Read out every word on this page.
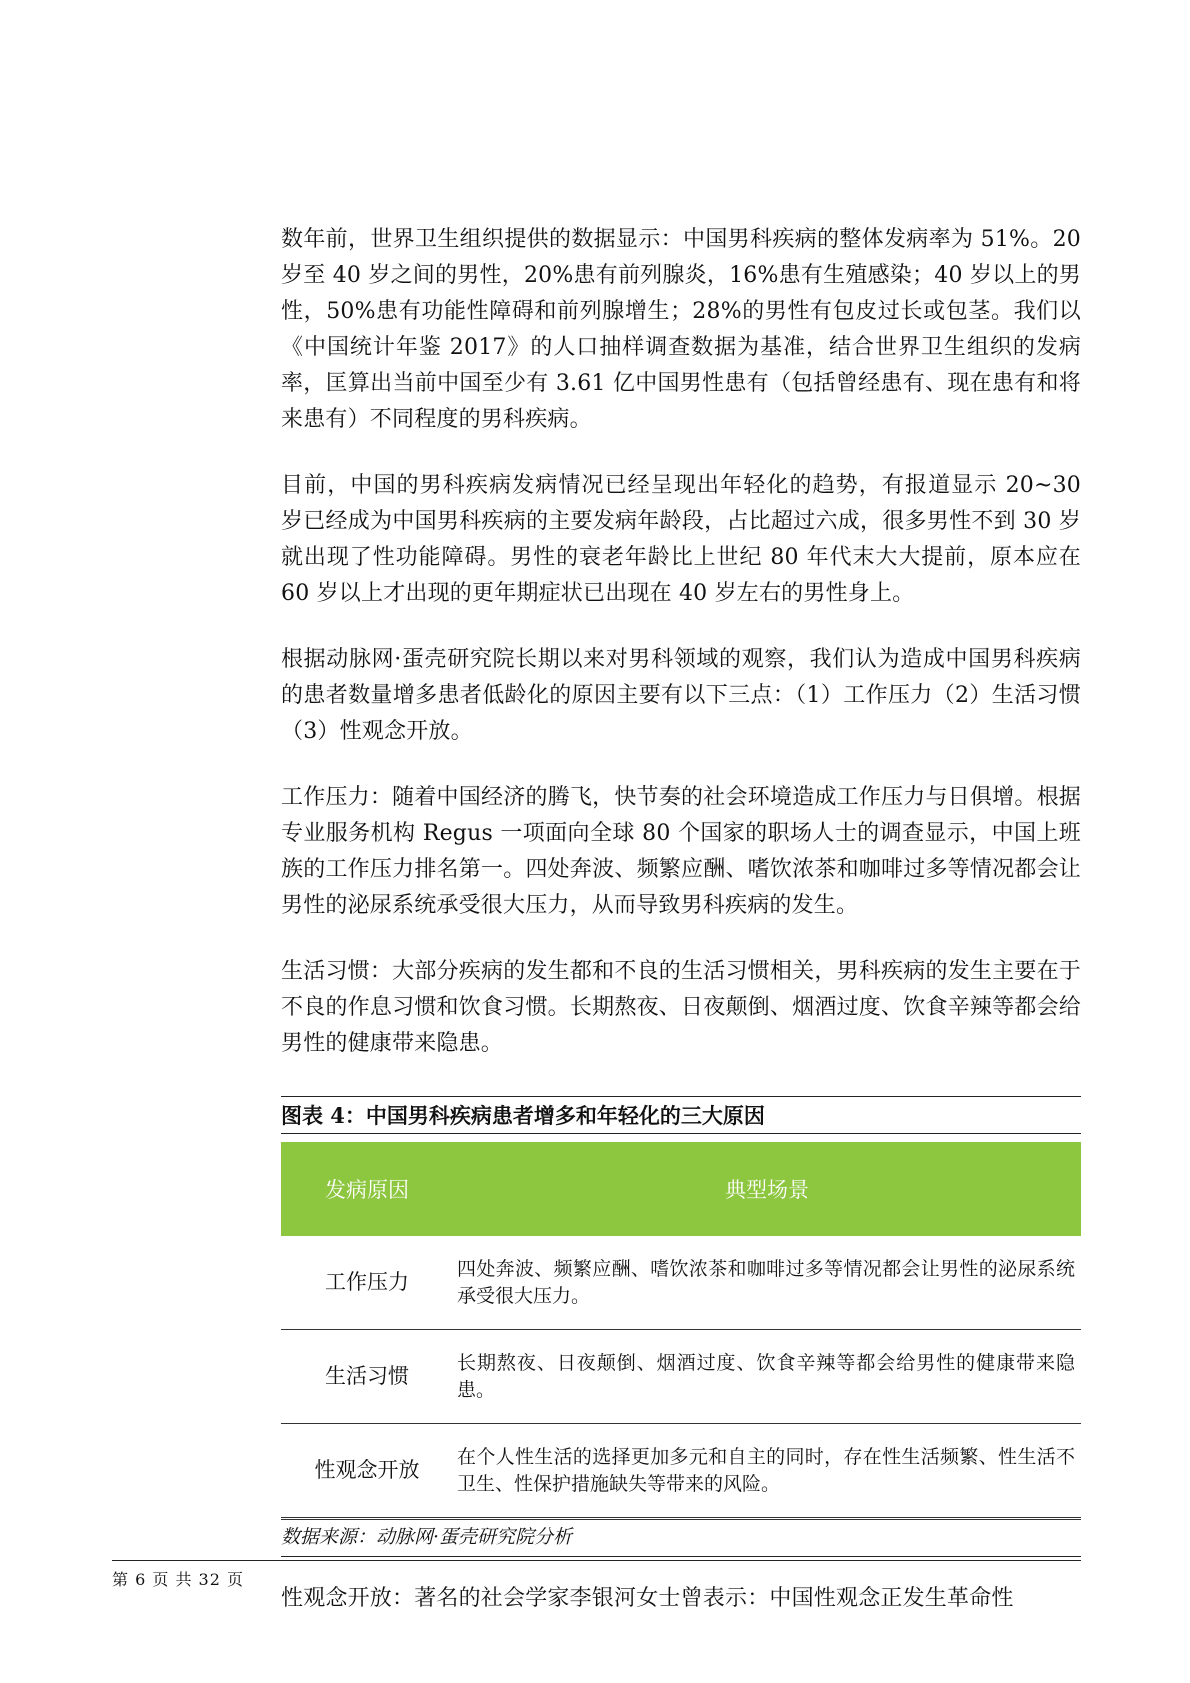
数年前，世界卫生组织提供的数据显示：中国男科疾病的整体发病率为 51%。20 岁至 40 岁之间的男性，20%患有前列腺炎，16%患有生殖感染；40 岁以上的男性，50%患有功能性障碍和前列腺增生；28%的男性有包皮过长或包茎。我们以《中国统计年鉴 2017》的人口抽样调查数据为基准，结合世界卫生组织的发病率，匡算出当前中国至少有 3.61 亿中国男性患有（包括曾经患有、现在患有和将来患有）不同程度的男科疾病。

目前，中国的男科疾病发病情况已经呈现出年轻化的趋势，有报道显示 20~30 岁已经成为中国男科疾病的主要发病年龄段，占比超过六成，很多男性不到 30 岁就出现了性功能障碍。男性的衰老年龄比上世纪 80 年代末大大提前，原本应在 60 岁以上才出现的更年期症状已出现在 40 岁左右的男性身上。

根据动脉网·蛋壳研究院长期以来对男科领域的观察，我们认为造成中国男科疾病的患者数量增多患者低龄化的原因主要有以下三点：（1）工作压力（2）生活习惯（3）性观念开放。

工作压力：随着中国经济的腾飞，快节奏的社会环境造成工作压力与日俱增。根据专业服务机构 Regus 一项面向全球 80 个国家的职场人士的调查显示，中国上班族的工作压力排名第一。四处奔波、频繁应酬、嗜饮浓茶和咖啡过多等情况都会让男性的泌尿系统承受很大压力，从而导致男科疾病的发生。

生活习惯：大部分疾病的发生都和不良的生活习惯相关，男科疾病的发生主要在于不良的作息习惯和饮食习惯。长期熬夜、日夜颠倒、烟酒过度、饮食辛辣等都会给男性的健康带来隐患。

图表 4：中国男科疾病患者增多和年轻化的三大原因
发病原因	典型场景
工作压力	四处奔波、频繁应酬、嗜饮浓茶和咖啡过多等情况都会让男性的泌尿系统承受很大压力。
生活习惯	长期熬夜、日夜颠倒、烟酒过度、饮食辛辣等都会给男性的健康带来隐患。
性观念开放	在个人性生活的选择更加多元和自主的同时，存在性生活频繁、性生活不卫生、性保护措施缺失等带来的风险。
数据来源：动脉网·蛋壳研究院分析

性观念开放：著名的社会学家李银河女士曾表示：中国性观念正发生革命性

第 6 页 共 32 页
